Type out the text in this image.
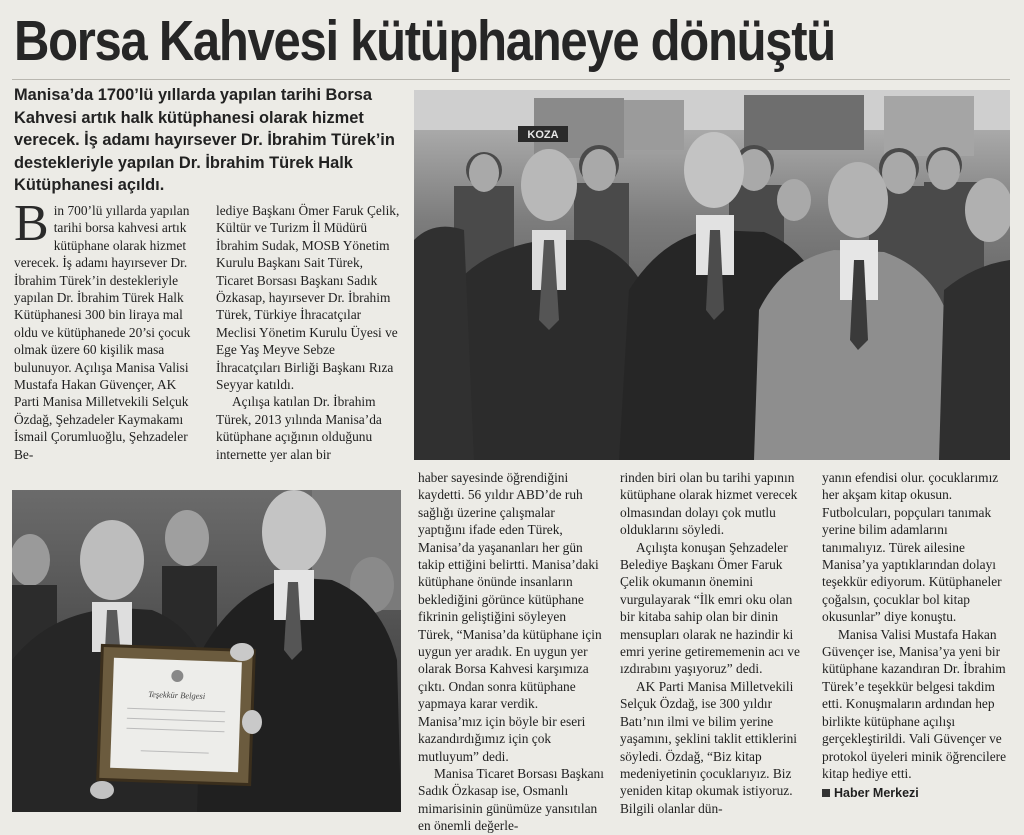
Borsa Kahvesi kütüphaneye dönüştü
Manisa’da 1700’lü yıllarda yapılan tarihi Borsa Kahvesi artık halk kütüphanesi olarak hizmet verecek. İş adamı hayırsever Dr. İbrahim Türek’in destekleriyle yapılan Dr. İbrahim Türek Halk Kütüphanesi açıldı.
KOZA
Teşekkür Belgesi

Bin 700’lü yıllarda yapılan tarihi borsa kahvesi artık kütüphane olarak hizmet verecek. İş adamı hayırsever Dr. İbrahim Türek’in destekleriyle yapılan Dr. İbrahim Türek Halk Kütüphanesi 300 bin liraya mal oldu ve kütüphanede 20’si çocuk olmak üzere 60 kişilik masa bulunuyor. Açılışa Manisa Valisi Mustafa Hakan Güvençer, AK Parti Manisa Milletvekili Selçuk Özdağ, Şehzadeler Kaymakamı İsmail Çorumluoğlu, Şehzadeler Be-

lediye Başkanı Ömer Faruk Çelik, Kültür ve Turizm İl Müdürü İbrahim Sudak, MOSB Yönetim Kurulu Başkanı Sait Türek, Ticaret Borsası Başkanı Sadık Özkasap, hayırsever Dr. İbrahim Türek, Türkiye İhracatçılar Meclisi Yönetim Kurulu Üyesi ve Ege Yaş Meyve Sebze İhracatçıları Birliği Başkanı Rıza Seyyar katıldı.

Açılışa katılan Dr. İbrahim Türek, 2013 yılında Manisa’da kütüphane açığının olduğunu internette yer alan bir

haber sayesinde öğrendiğini kaydetti. 56 yıldır ABD’de ruh sağlığı üzerine çalışmalar yaptığını ifade eden Türek, Manisa’da yaşananları her gün takip ettiğini belirtti. Manisa’daki kütüphane önünde insanların beklediğini görünce kütüphane fikrinin geliştiğini söyleyen Türek, “Manisa’da kütüphane için uygun yer aradık. En uygun yer olarak Borsa Kahvesi karşımıza çıktı. Ondan sonra kütüphane yapmaya karar verdik. Manisa’mız için böyle bir eseri kazandırdığımız için çok mutluyum” dedi.

Manisa Ticaret Borsası Başkanı Sadık Özkasap ise, Osmanlı mimarisinin günümüze yansıtılan en önemli değerle-

rinden biri olan bu tarihi yapının kütüphane olarak hizmet verecek olmasından dolayı çok mutlu olduklarını söyledi.

Açılışta konuşan Şehzadeler Belediye Başkanı Ömer Faruk Çelik okumanın önemini vurgulayarak “İlk emri oku olan bir kitaba sahip olan bir dinin mensupları olarak ne hazindir ki emri yerine getirememenin acı ve ızdırabını yaşıyoruz” dedi.

AK Parti Manisa Milletvekili Selçuk Özdağ, ise 300 yıldır Batı’nın ilmi ve bilim yerine yaşamını, şeklini taklit ettiklerini söyledi. Özdağ, “Biz kitap medeniyetinin çocuklarıyız. Biz yeniden kitap okumak istiyoruz. Bilgili olanlar dün-

yanın efendisi olur. çocuklarımız her akşam kitap okusun. Futbolcuları, popçuları tanımak yerine bilim adamlarını tanımalıyız. Türek ailesine Manisa’ya yaptıklarından dolayı teşekkür ediyorum. Kütüphaneler çoğalsın, çocuklar bol kitap okusunlar” diye konuştu.

Manisa Valisi Mustafa Hakan Güvençer ise, Manisa’ya yeni bir kütüphane kazandıran Dr. İbrahim Türek’e teşekkür belgesi takdim etti. Konuşmaların ardından hep birlikte kütüphane açılışı gerçekleştirildi. Vali Güvençer ve protokol üyeleri minik öğrencilere kitap hediye etti.

Haber Merkezi
